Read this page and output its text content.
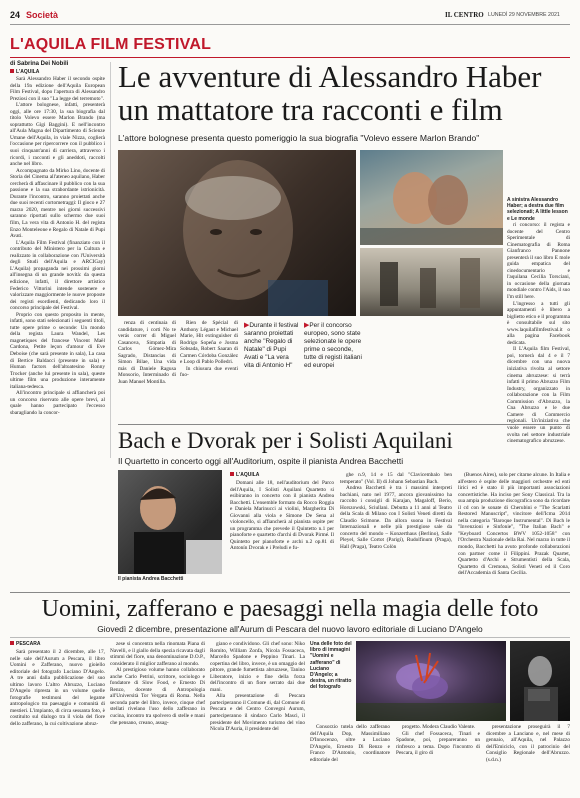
24 Società	IL CENTRO LUNEDÌ 29 NOVEMBRE 2021
L'AQUILA FILM FESTIVAL
di Sabrina Dei Nobili
L'AQUILA

Sarà Alessandro Haber il secondo ospite della 19a edizione dell'Aquila European Film Festival, dopo l'apertura di Alessandro Preziosi con il suo "La legge del terremoto".

L'attore bolognese, infatti, presenterà oggi, alle ore 17:30, la sua biografia dal titolo Volevo essere Marlon Brando (ma soprattutto Gigi Baggini). E nell'incontro all'Aula Magna del Dipartimento di Scienze Umane dell'Aquila, in viale Nizza, coglierà l'occasione per ripercorrere con il pubblico i suoi cinquant'anni di carriera, attraverso i ricordi, i racconti e gli aneddoti, raccolti anche nel libro.

Accompagnato da Mirko Lino, docente di Storia del Cinema all'ateneo aquilano, Haber cercherà di affascinare il pubblico con la sua passione e la sua strabordante istrionicità. Durante l'incontro, saranno proiettati anche due suoi recenti cortometraggi: Il gioco e 27 marzo 2020, mentre nei giorni successivi saranno riportati sullo schermo due suoi film, La vera vita di Antonio H. del regista Enzo Monteleone e Regalo di Natale di Pupi Avati.

L'Aquila Film Festival (finanziato con il contributo del Ministero per la Cultura e realizzato in collaborazione con l'Università degli Studi dell'Aquila e ARCIGay) L'Aquila) propaganda nei prossimi giorni all'insegna di un grande novità: da questa edizione, infatti, il direttore artistico Federico Vittorini intende sostenere e valorizzare maggiormente le nuove proposte dei registi esordienti, dedicando loro il concorso principale del Festival.

Proprio con questo proposito in mente, infatti, sono stati selezionati i seguenti titoli, tutte opere prime o seconde: Un mondo della regista Laura Wandel, Les magnetiques del francese Vincent Maël Cardona, Petite leçon d'amour di Eve Deboise (che sarà presente in sala), La casa di Bertice Baldacci (presente in sala) e Human factors dell'altoatesino Ronny Trocker (anche lui presente in sala), queste ultime film una produzione interamente italiana-tedesca.

All'incontro principale si affiancherà poi un concorso riservato alle opere brevi, al quale hanno partecipato l'eccesso sbaragliando la concor-

Le avventure di Alessandro Haber
un mattatore tra racconti e film
L'attore bolognese presenta questo pomeriggio la sua biografia "Volevo essere Marlon Brando"
A sinistra Alessandro Haber; a destra due film selezionati; A little lesson e Le monde

renza di centinaia di candidature, i corti No te verás correr di Miguel Casanova, Simpatia di Carlos Gómez-Mira Sagrado, Distancias di Simon Bilae, Una vida más di Daniele Ragusa Monsorio, Interminado di Juan Manuel Montilla.

Rien de Spécial di Anthony Légaut e Michael Marie, Hit extinguisher di Rodrigo Sopeña e Josma Sobsada, Robert Saaran di Carmen Córdoba González e Loop di Pablo Polledri.

In chiusura due eventi fuo-

▶Durante il festival saranno proiettati anche "Regalo di Natale" di Pupi Avati e "La vera vita di Antonio H"
▶Per il concorso europeo, sono state selezionate le opere prime o seconde, tutte di registi italiani ed europei

ri concorso: il regista e docente del Centro Sperimentale di Cinematografia di Roma Gianfranco Pannone presenterà il suo libro E mole guida empatica del cinedocumentario e l'aquilana Cecilia Torsciani, in occasione della giornata mondiale contro l'Aids, il suo I'm still here.

L'ingresso a tutti gli appuntamenti è libero a biglietto etico e il programma è consultabile sul sito www.laquilafilmfestival.it o alla pagina Facebook dedicata.

Il L'Aquila film Festival, poi, tornerà dal 4 e il 7 dicembre con una nuova iniziativa rivolta al settore cinema abruzzese: si terrà infatti il primo Abruzzo Film Industry, organizzato in collaborazione con la Film Commission d'Abruzzo, la Cna Abruzzo e le due Camere di Commercio regionali. Un'iniziativa che vuole essere un punto di svolta nel settore industriale cinematografico abruzzese.

Bach e Dvorak per i Solisti Aquilani
Il Quartetto in concerto oggi all'Auditorium, ospite il pianista Andrea Bacchetti
Il pianista Andrea Bacchetti
L'AQUILA

Domani alle 18, nell'auditorium del Parco dell'Aquila, I Solisti Aquilani Quartetto si esibiranno in concerto con il pianista Andrea Bacchetti. L'ensemble formato da Rocco Roggia e Daniela Marinucci ai violini, Margherita Di Giovanni alla viola e Simone De Sena al violoncello, si affiancherà al pianista ospite per un programma che prevede il Quintetto n.1 per pianoforte e quartetto d'archi di Dvorak Pirmé. Il Quintetto per pianoforte e archi n.2 op.81 di Antonín Dvorak e i Preludi e fu-

ghe n.9, 14 e 15 dal "Clavicembalo ben temperato" (Vol. II) di Johann Sebastian Bach.

Andrea Bacchetti è tra i massimi interpreti bachiani, nato nel 1977, ancora giovanissimo ha raccolto i consigli di Karajan, Magaloff, Berio, Horszowski, Sciullani. Debutta a 11 anni al Teatro della Scala di Milano con I Solisti Veneti diretti da Claudio Scimone. Da allora suona in Festival Internazionali e nelle più prestigiose sale da concerto del mondo – Konzerthaus (Berlino), Salle Pleyel, Salle Cortot (Parigi), Rudolfinum (Praga), Hall (Praga), Teatro Colòn

(Buenos Aires), solo per citarne alcune. In Italia e all'estero è ospite delle maggiori orchestre ed enti lirici ed è stato il più importanti associazioni concertistiche. Ha inciso per Sony Classical. Tra la sua ampia produzione discografica sono da ricordare il cd con le sonate di Cherubini e "The Scarlatti Restored Manuscript", vincitore dell'Icma 2014 nella categoria "Baroque Instrumental". Di Bach le "Invenzioni e Sinfonie", "The Italian Bach" e "Keyboard Concertos BWV 1052-1058" con l'Orchestra Nazionale della Rai. Nel marzo in tutte il mondo, Bacchetti ha avuto profonde collaborazioni con partner come il Filippini. Prazak Quartet, Quartetto d'Archi e Strumentisti della Scala, Quartetto di Cremona, Solisti Veneti ed il Coro dell'Accademia di Santa Cecilia.

Uomini, zafferano e paesaggi nella magia delle foto
Giovedì 2 dicembre, presentazione all'Aurum di Pescara del nuovo lavoro editoriale di Luciano D'Angelo
PESCARA

Sarà presentato il 2 dicembre, alle 17, nelle sale dell'Aurum a Pescara, il libro Uomini e Zafferano, nuovo gioiello editoriale del fotografo Luciano D'Angelo. A tre anni dalla pubblicazione del suo ultimo lavoro L'altro Abruzzo, Luciano D'Angelo ripresta in un volume quelle fotografie testimoni del legame antropologico tra paesaggio e comunità di mestieri. L'impianto, di circa sessanta foto, è costituito sul dialogo tra il viola del fiore dello zafferano, la cui coltivazione abruz-

zese si concentra nella rinomata Piana di Navelli, e il giallo della spezia ricavata dagli stimmi del fiore, una denominazione D.O.P., considerato il miglior zafferano al mondo.

Al prestigioso volume hanno collaborato anche Carlo Petrini, scrittore, sociologo e fondatore di Slow Food, e Ernesto Di Renzo, docente di Antropologia all'Università Tor Vergata di Roma. Nella seconda parte del libro, invece, cinque chef stellati rivelano l'uso dello zafferano in cucina, incontro tra spolvero di stelle e mani che pensano, creano, assag-

giano e condividono. Gli chef sono: Niko Romito, William Zonfa, Nicola Fossaceca, Marcello Spadone e Peppino Tinari. La copertina del libro, invece, è un omaggio del pittore, grande fumettista abruzzese, Tanino Liberatore, inizio e fine della forza dell'incontro di un fiore serrato dai due mani.

Alla presentazione di Pescara parteciperanno il Comune di, dal Comune di Pescara e del Centro Convegni Aurum, parteciperanno il sindaco Carlo Masci, il presidente del Movimento turismo del vino Nicola D'Auria, il presidente del

Una delle foto del libro di immagini "Uomini e zafferano" di Luciano D'Angelo; a destra, un ritratto del fotografo

Consorzio tutela dello zafferano dell'Aquila Dop, Massimiliano D'Innocenzo, oltre a Luciano D'Angelo, Ernesto Di Renzo e Franco D'Antonio, coordinatore editoriale del

progetto. Modera Claudio Valente.

Gli chef Fossaceca, Tinari e Spadone, poi, prepareranno un rinfresco a tema. Dopo l'incontro di Pescara, il giro di

presentazione proseguirà il 7 dicembre a Lanciano e, nel mese di gennaio, all'Aquila, nel Palazzo dell'Emiciclo, con il patrocinio del Consiglio Regionale dell'Abruzzo. (s.d.n.)
